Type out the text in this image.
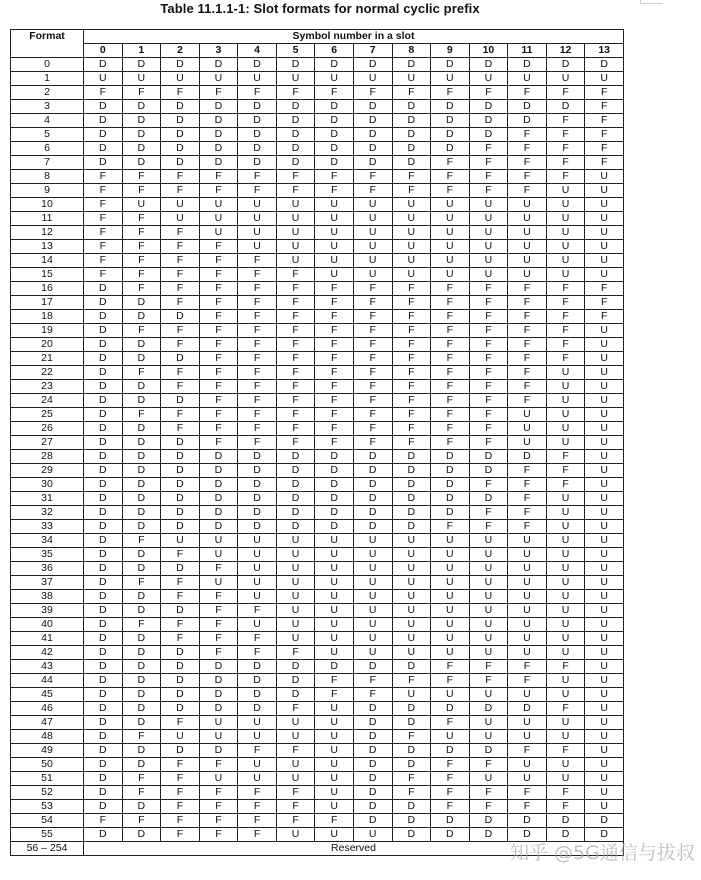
Table 11.1.1-1: Slot formats for normal cyclic prefix
Format	Symbol number in a slot													
	0	1	2	3	4	5	6	7	8	9	10	11	12	13
0	D	D	D	D	D	D	D	D	D	D	D	D	D	D
1	U	U	U	U	U	U	U	U	U	U	U	U	U	U
2	F	F	F	F	F	F	F	F	F	F	F	F	F	F
3	D	D	D	D	D	D	D	D	D	D	D	D	D	F
4	D	D	D	D	D	D	D	D	D	D	D	D	F	F
5	D	D	D	D	D	D	D	D	D	D	D	F	F	F
6	D	D	D	D	D	D	D	D	D	D	F	F	F	F
7	D	D	D	D	D	D	D	D	D	F	F	F	F	F
8	F	F	F	F	F	F	F	F	F	F	F	F	F	U
9	F	F	F	F	F	F	F	F	F	F	F	F	U	U
10	F	U	U	U	U	U	U	U	U	U	U	U	U	U
11	F	F	U	U	U	U	U	U	U	U	U	U	U	U
12	F	F	F	U	U	U	U	U	U	U	U	U	U	U
13	F	F	F	F	U	U	U	U	U	U	U	U	U	U
14	F	F	F	F	F	U	U	U	U	U	U	U	U	U
15	F	F	F	F	F	F	U	U	U	U	U	U	U	U
16	D	F	F	F	F	F	F	F	F	F	F	F	F	F
17	D	D	F	F	F	F	F	F	F	F	F	F	F	F
18	D	D	D	F	F	F	F	F	F	F	F	F	F	F
19	D	F	F	F	F	F	F	F	F	F	F	F	F	U
20	D	D	F	F	F	F	F	F	F	F	F	F	F	U
21	D	D	D	F	F	F	F	F	F	F	F	F	F	U
22	D	F	F	F	F	F	F	F	F	F	F	F	U	U
23	D	D	F	F	F	F	F	F	F	F	F	F	U	U
24	D	D	D	F	F	F	F	F	F	F	F	F	U	U
25	D	F	F	F	F	F	F	F	F	F	F	U	U	U
26	D	D	F	F	F	F	F	F	F	F	F	U	U	U
27	D	D	D	F	F	F	F	F	F	F	F	U	U	U
28	D	D	D	D	D	D	D	D	D	D	D	D	F	U
29	D	D	D	D	D	D	D	D	D	D	D	F	F	U
30	D	D	D	D	D	D	D	D	D	D	F	F	F	U
31	D	D	D	D	D	D	D	D	D	D	D	F	U	U
32	D	D	D	D	D	D	D	D	D	D	F	F	U	U
33	D	D	D	D	D	D	D	D	D	F	F	F	U	U
34	D	F	U	U	U	U	U	U	U	U	U	U	U	U
35	D	D	F	U	U	U	U	U	U	U	U	U	U	U
36	D	D	D	F	U	U	U	U	U	U	U	U	U	U
37	D	F	F	U	U	U	U	U	U	U	U	U	U	U
38	D	D	F	F	U	U	U	U	U	U	U	U	U	U
39	D	D	D	F	F	U	U	U	U	U	U	U	U	U
40	D	F	F	F	U	U	U	U	U	U	U	U	U	U
41	D	D	F	F	F	U	U	U	U	U	U	U	U	U
42	D	D	D	F	F	F	U	U	U	U	U	U	U	U
43	D	D	D	D	D	D	D	D	D	F	F	F	F	U
44	D	D	D	D	D	D	F	F	F	F	F	F	U	U
45	D	D	D	D	D	D	F	F	U	U	U	U	U	U
46	D	D	D	D	D	F	U	D	D	D	D	D	F	U
47	D	D	F	U	U	U	U	D	D	F	U	U	U	U
48	D	F	U	U	U	U	U	D	F	U	U	U	U	U
49	D	D	D	D	F	F	U	D	D	D	D	F	F	U
50	D	D	F	F	U	U	U	D	D	F	F	U	U	U
51	D	F	F	U	U	U	U	D	F	F	U	U	U	U
52	D	F	F	F	F	F	U	D	F	F	F	F	F	U
53	D	D	F	F	F	F	U	D	D	F	F	F	F	U
54	F	F	F	F	F	F	F	D	D	D	D	D	D	D
55	D	D	F	F	F	U	U	U	D	D	D	D	D	D
56 – 254	Reserved														知乎 @5G通信与拔叔
